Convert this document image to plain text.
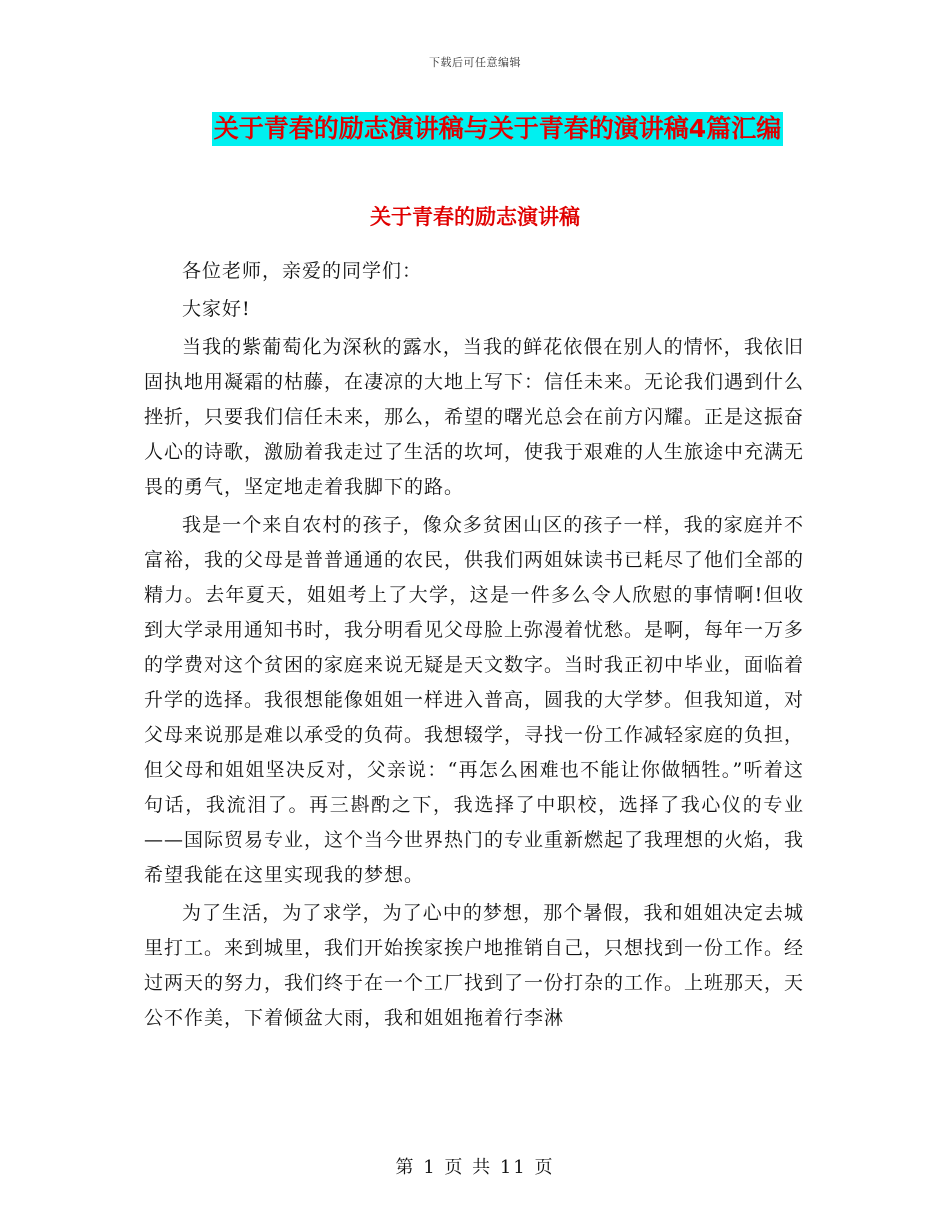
下载后可任意编辑
关于青春的励志演讲稿与关于青春的演讲稿4篇汇编
关于青春的励志演讲稿

各位老师，亲爱的同学们：

大家好!

当我的紫葡萄化为深秋的露水，当我的鲜花依偎在别人的情怀，我依旧固执地用凝霜的枯藤，在凄凉的大地上写下：信任未来。无论我们遇到什么挫折，只要我们信任未来，那么，希望的曙光总会在前方闪耀。正是这振奋人心的诗歌，激励着我走过了生活的坎坷，使我于艰难的人生旅途中充满无畏的勇气，坚定地走着我脚下的路。

我是一个来自农村的孩子，像众多贫困山区的孩子一样，我的家庭并不富裕，我的父母是普普通通的农民，供我们两姐妹读书已耗尽了他们全部的精力。去年夏天，姐姐考上了大学，这是一件多么令人欣慰的事情啊!但收到大学录用通知书时，我分明看见父母脸上弥漫着忧愁。是啊，每年一万多的学费对这个贫困的家庭来说无疑是天文数字。当时我正初中毕业，面临着升学的选择。我很想能像姐姐一样进入普高，圆我的大学梦。但我知道，对父母来说那是难以承受的负荷。我想辍学，寻找一份工作减轻家庭的负担，但父母和姐姐坚决反对，父亲说：“再怎么困难也不能让你做牺牲。”听着这句话，我流泪了。再三斟酌之下，我选择了中职校，选择了我心仪的专业——国际贸易专业，这个当今世界热门的专业重新燃起了我理想的火焰，我希望我能在这里实现我的梦想。

为了生活，为了求学，为了心中的梦想，那个暑假，我和姐姐决定去城里打工。来到城里，我们开始挨家挨户地推销自己，只想找到一份工作。经过两天的努力，我们终于在一个工厂找到了一份打杂的工作。上班那天，天公不作美，下着倾盆大雨，我和姐姐拖着行李淋

第 1 页 共 11 页
